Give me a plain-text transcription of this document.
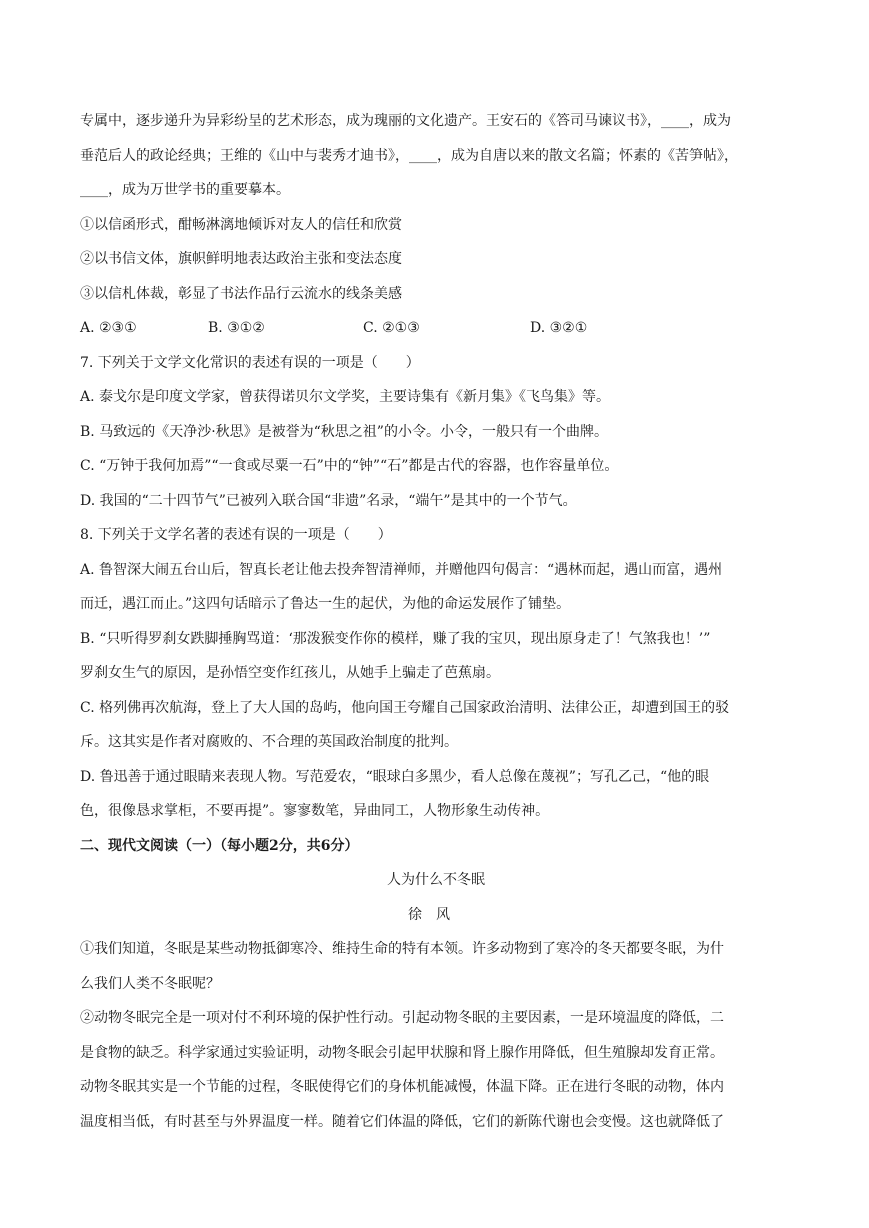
专属中，逐步递升为异彩纷呈的艺术形态，成为瑰丽的文化遗产。王安石的《答司马谏议书》，____，成为

垂范后人的政论经典；王维的《山中与裴秀才迪书》，____，成为自唐以来的散文名篇；怀素的《苦笋帖》，

____，成为万世学书的重要摹本。

①以信函形式，酣畅淋漓地倾诉对友人的信任和欣赏

②以书信文体，旗帜鲜明地表达政治主张和变法态度

③以信札体裁，彰显了书法作品行云流水的线条美感

A. ②③①	B. ③①②	C. ②①③	D. ③②①

7. 下列关于文学文化常识的表述有误的一项是（　　）

A. 泰戈尔是印度文学家，曾获得诺贝尔文学奖，主要诗集有《新月集》《飞鸟集》等。

B. 马致远的《天净沙·秋思》是被誉为“秋思之祖”的小令。小令，一般只有一个曲牌。

C. “万钟于我何加焉”“一食或尽粟一石”中的“钟”“石”都是古代的容器，也作容量单位。

D. 我国的“二十四节气”已被列入联合国“非遗”名录，“端午”是其中的一个节气。

8. 下列关于文学名著的表述有误的一项是（　　）

A. 鲁智深大闹五台山后，智真长老让他去投奔智清禅师，并赠他四句偈言：“遇林而起，遇山而富，遇州

而迁，遇江而止。”这四句话暗示了鲁达一生的起伏，为他的命运发展作了铺垫。

B. “只听得罗刹女跌脚捶胸骂道：‘那泼猴变作你的模样，赚了我的宝贝，现出原身走了！气煞我也！’”

罗刹女生气的原因，是孙悟空变作红孩儿，从她手上骗走了芭蕉扇。

C. 格列佛再次航海，登上了大人国的岛屿，他向国王夸耀自己国家政治清明、法律公正，却遭到国王的驳

斥。这其实是作者对腐败的、不合理的英国政治制度的批判。

D. 鲁迅善于通过眼睛来表现人物。写范爱农，“眼球白多黑少，看人总像在蔑视”；写孔乙己，“他的眼

色，很像恳求掌柜，不要再提”。寥寥数笔，异曲同工，人物形象生动传神。

二、现代文阅读（一）（每小题2分，共6分）

人为什么不冬眠

徐风

①我们知道，冬眠是某些动物抵御寒冷、维持生命的特有本领。许多动物到了寒冷的冬天都要冬眠，为什

么我们人类不冬眠呢？

②动物冬眠完全是一项对付不利环境的保护性行动。引起动物冬眠的主要因素，一是环境温度的降低，二

是食物的缺乏。科学家通过实验证明，动物冬眠会引起甲状腺和肾上腺作用降低，但生殖腺却发育正常。

动物冬眠其实是一个节能的过程，冬眠使得它们的身体机能减慢，体温下降。正在进行冬眠的动物，体内

温度相当低，有时甚至与外界温度一样。随着它们体温的降低，它们的新陈代谢也会变慢。这也就降低了
